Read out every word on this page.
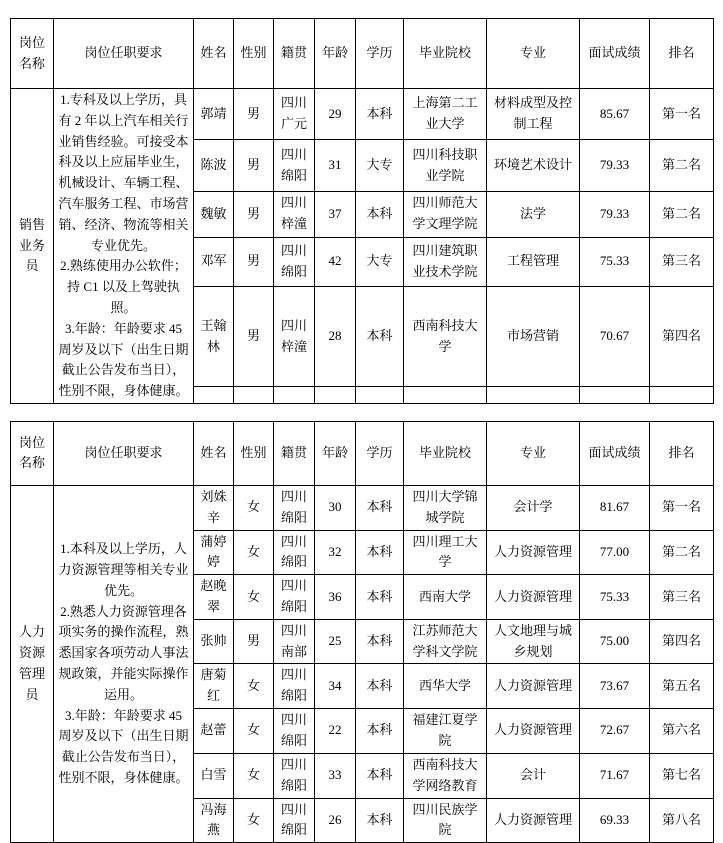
岗位名称	岗位任职要求	姓名	性别	籍贯	年龄	学历	毕业院校	专业	面试成绩	排名
销售业务员	1.专科及以上学历，具有 2 年以上汽车相关行业销售经验。可接受本科及以上应届毕业生，机械设计、车辆工程、汽车服务工程、市场营销、经济、物流等相关专业优先。
2.熟练使用办公软件；持 C1 以及上驾驶执照。
3.年龄：年龄要求 45 周岁及以下（出生日期截止公告发布当日），性别不限，身体健康。	郭靖	男	四川广元	29	本科	上海第二工业大学	材料成型及控制工程	85.67	第一名
		陈波	男	四川绵阳	31	大专	四川科技职业学院	环境艺术设计	79.33	第二名
		魏敏	男	四川梓潼	37	本科	四川师范大学文理学院	法学	79.33	第二名
		邓军	男	四川绵阳	42	大专	四川建筑职业技术学院	工程管理	75.33	第三名
		王翰林	男	四川梓潼	28	本科	西南科技大学	市场营销	70.67	第四名

岗位名称	岗位任职要求	姓名	性别	籍贯	年龄	学历	毕业院校	专业	面试成绩	排名
人力资源管理员	1.本科及以上学历，人力资源管理等相关专业优先。
2.熟悉人力资源管理各项实务的操作流程，熟悉国家各项劳动人事法规政策，并能实际操作运用。
3.年龄：年龄要求 45 周岁及以下（出生日期截止公告发布当日），性别不限，身体健康。	刘姝辛	女	四川绵阳	30	本科	四川大学锦城学院	会计学	81.67	第一名
		蒲婷婷	女	四川绵阳	32	本科	四川理工大学	人力资源管理	77.00	第二名
		赵晚翠	女	四川绵阳	36	本科	西南大学	人力资源管理	75.33	第三名
		张帅	男	四川南部	25	本科	江苏师范大学科文学院	人文地理与城乡规划	75.00	第四名
		唐菊红	女	四川绵阳	34	本科	西华大学	人力资源管理	73.67	第五名
		赵蕾	女	四川绵阳	22	本科	福建江夏学院	人力资源管理	72.67	第六名
		白雪	女	四川绵阳	33	本科	西南科技大学网络教育	会计	71.67	第七名
		冯海燕	女	四川绵阳	26	本科	四川民族学院	人力资源管理	69.33	第八名
